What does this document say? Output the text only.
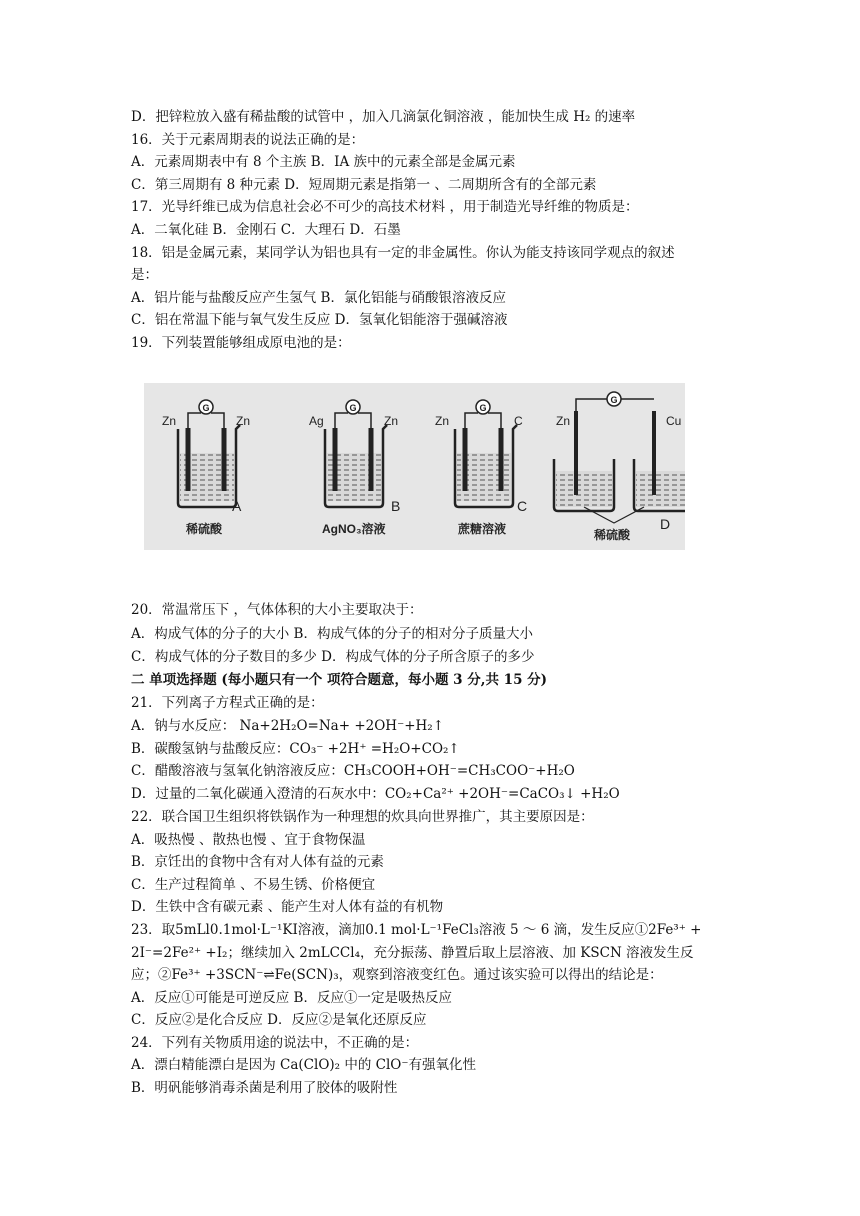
D．把锌粒放入盛有稀盐酸的试管中 ，加入几滴氯化铜溶液 ，能加快生成 H₂ 的速率
16．关于元素周期表的说法正确的是：
A．元素周期表中有 8 个主族 B．IA 族中的元素全部是金属元素
C．第三周期有 8 种元素 D．短周期元素是指第一 、二周期所含有的全部元素
17．光导纤维已成为信息社会必不可少的高技术材料 ，用于制造光导纤维的物质是：
A．二氧化硅 B．金刚石 C．大理石 D．石墨
18．铝是金属元素，某同学认为铝也具有一定的非金属性。你认为能支持该同学观点的叙述
是：
A．铝片能与盐酸反应产生氢气 B．氯化铝能与硝酸银溶液反应
C．铝在常温下能与氧气发生反应 D．氢氧化铝能溶于强碱溶液
19．下列装置能够组成原电池的是：
G
Zn	Zn
A
稀硫酸
G
Ag	Zn
B
AgNO₃溶液
G
Zn	C
C
蔗糖溶液
G
Zn	Cu
D
稀硫酸
20．常温常压下 ，气体体积的大小主要取决于：
A．构成气体的分子的大小 B．构成气体的分子的相对分子质量大小
C．构成气体的分子数目的多少 D．构成气体的分子所含原子的多少
二 单项选择题 (每小题只有一个 项符合题意，每小题 3 分,共 15 分)
21．下列离子方程式正确的是：
A．钠与水反应： Na+2H₂O=Na+ +2OH⁻+H₂↑
B．碳酸氢钠与盐酸反应：CO₃⁻ +2H⁺ =H₂O+CO₂↑
C．醋酸溶液与氢氧化钠溶液反应：CH₃COOH+OH⁻=CH₃COO⁻+H₂O
D．过量的二氧化碳通入澄清的石灰水中：CO₂+Ca²⁺ +2OH⁻=CaCO₃↓ +H₂O
22．联合国卫生组织将铁锅作为一种理想的炊具向世界推广，其主要原因是：
A．吸热慢 、散热也慢 、宜于食物保温
B．京饪出的食物中含有对人体有益的元素
C．生产过程简单 、不易生锈、价格便宜
D．生铁中含有碳元素 、能产生对人体有益的有机物
23．取5mLl0.1mol·L⁻¹KI溶液，滴加0.1 mol·L⁻¹FeCl₃溶液 5 ～ 6 滴，发生反应①2Fe³⁺ +
2I⁻=2Fe²⁺ +I₂；继续加入 2mLCCl₄，充分振荡、静置后取上层溶液、加 KSCN 溶液发生反
应；②Fe³⁺ +3SCN⁻⇌Fe(SCN)₃，观察到溶液变红色。通过该实验可以得出的结论是：
A．反应①可能是可逆反应 B．反应①一定是吸热反应
C．反应②是化合反应 D．反应②是氧化还原反应
24．下列有关物质用途的说法中，不正确的是：
A．漂白精能漂白是因为 Ca(ClO)₂ 中的 ClO⁻有强氧化性
B．明矾能够消毒杀菌是利用了胶体的吸附性
